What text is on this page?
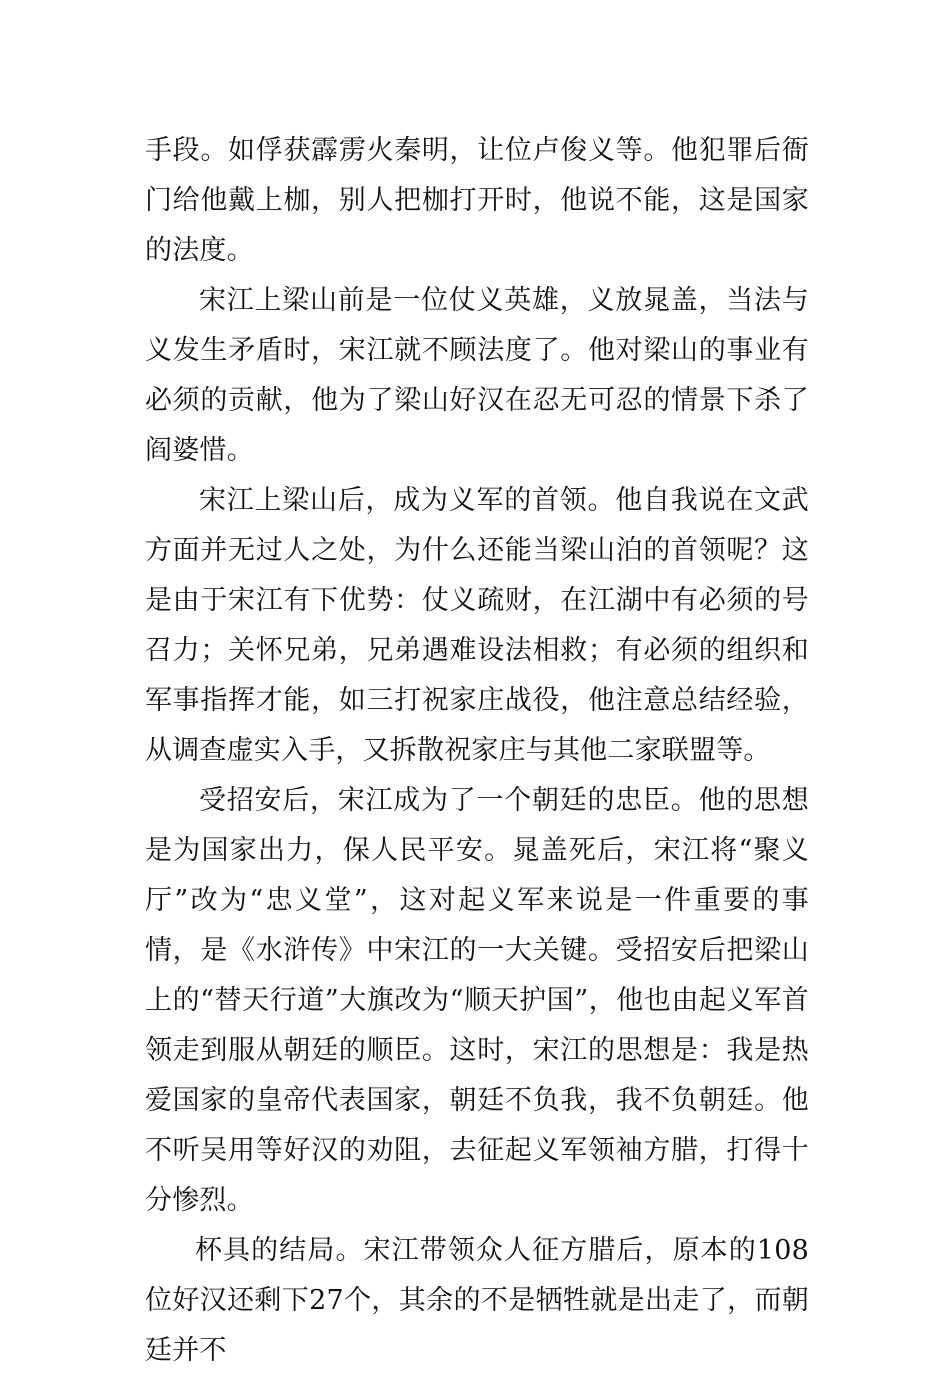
手段。如俘获霹雳火秦明，让位卢俊义等。他犯罪后衙门给他戴上枷，别人把枷打开时，他说不能，这是国家的法度。

宋江上梁山前是一位仗义英雄，义放晁盖，当法与义发生矛盾时，宋江就不顾法度了。他对梁山的事业有必须的贡献，他为了梁山好汉在忍无可忍的情景下杀了阎婆惜。

宋江上梁山后，成为义军的首领。他自我说在文武方面并无过人之处，为什么还能当梁山泊的首领呢？这是由于宋江有下优势：仗义疏财，在江湖中有必须的号召力；关怀兄弟，兄弟遇难设法相救；有必须的组织和军事指挥才能，如三打祝家庄战役，他注意总结经验，从调查虚实入手，又拆散祝家庄与其他二家联盟等。

受招安后，宋江成为了一个朝廷的忠臣。他的思想是为国家出力，保人民平安。晁盖死后，宋江将“聚义厅”改为“忠义堂”，这对起义军来说是一件重要的事情，是《水浒传》中宋江的一大关键。受招安后把梁山上的“替天行道”大旗改为“顺天护国”，他也由起义军首领走到服从朝廷的顺臣。这时，宋江的思想是：我是热爱国家的皇帝代表国家，朝廷不负我，我不负朝廷。他不听吴用等好汉的劝阻，去征起义军领袖方腊，打得十分惨烈。

杯具的结局。宋江带领众人征方腊后，原本的108位好汉还剩下27个，其余的不是牺牲就是出走了，而朝廷并不
